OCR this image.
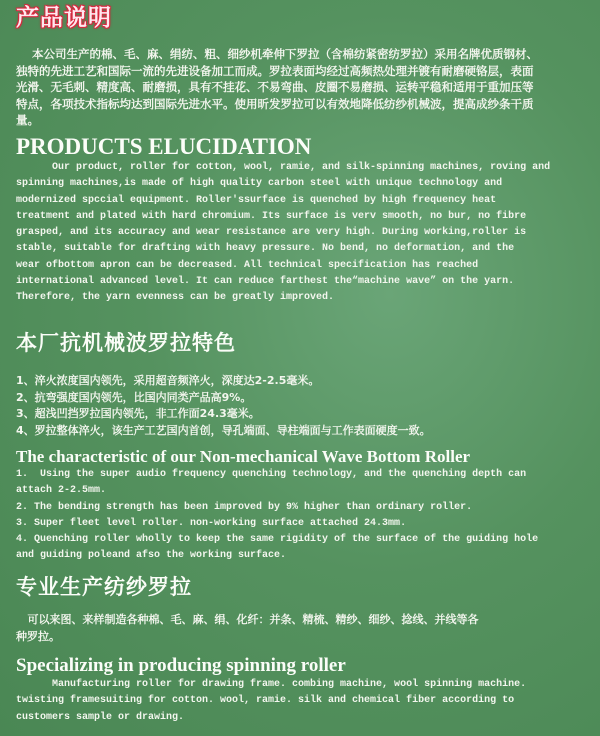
产品说明
本公司生产的棉、毛、麻、绢纺、粗、细纱机牵伸下罗拉（含棉纺紧密纺罗拉）采用名牌优质钢材、
独特的先进工艺和国际一流的先进设备加工而成。罗拉表面均经过高频热处理并镀有耐磨硬铬层，表面
光滑、无毛刺、精度高、耐磨损，具有不挂花、不易弯曲、皮圈不易磨损、运转平稳和适用于重加压等
特点，各项技术指标均达到国际先进水平。使用昕发罗拉可以有效地降低纺纱机械波，提高成纱条干质
量。
PRODUCTS ELUCIDATION
Our product, roller for cotton, wool, ramie, and silk-spinning machines, roving and
spinning machines,is made of high quality carbon steel with unique technology and
modernized spccial equipment. Roller'ssurface is quenched by high frequency heat
treatment and plated with hard chromium. Its surface is verv smooth, no bur, no fibre
grasped, and its accuracy and wear resistance are very high. During working,roller is
stable, suitable for drafting with heavy pressure. No bend, no deformation, and the
wear ofbottom apron can be decreased. All technical specification has reached
international advanced level. It can reduce farthest the“machine wave” on the yarn.
Therefore, the yarn evenness can be greatly improved.
本厂抗机械波罗拉特色
1、淬火浓度国内领先，采用超音频淬火，深度达2-2.5毫米。
2、抗弯强度国内领先，比国内同类产品高9%。
3、超浅凹挡罗拉国内领先，非工作面24.3毫米。
4、罗拉整体淬火，该生产工艺国内首创，导孔端面、导柱端面与工作表面硬度一致。
The characteristic of our Non-mechanical Wave Bottom Roller
1.  Using the super audio frequency quenching technology, and the quenching depth can
attach 2-2.5mm.
2. The bending strength has been improved by 9% higher than ordinary roller.
3. Super fleet level roller. non-working surface attached 24.3mm.
4. Quenching roller wholly to keep the same rigidity of the surface of the guiding hole
and guiding poleand afso the working surface.
专业生产纺纱罗拉
可以来图、来样制造各种棉、毛、麻、绢、化纤：并条、精梳、精纱、细纱、捻线、并线等各
种罗拉。
Specializing in producing spinning roller
Manufacturing roller for drawing frame. combing machine, wool spinning machine.
twisting framesuiting for cotton. wool, ramie. silk and chemical fiber according to
customers sample or drawing.
